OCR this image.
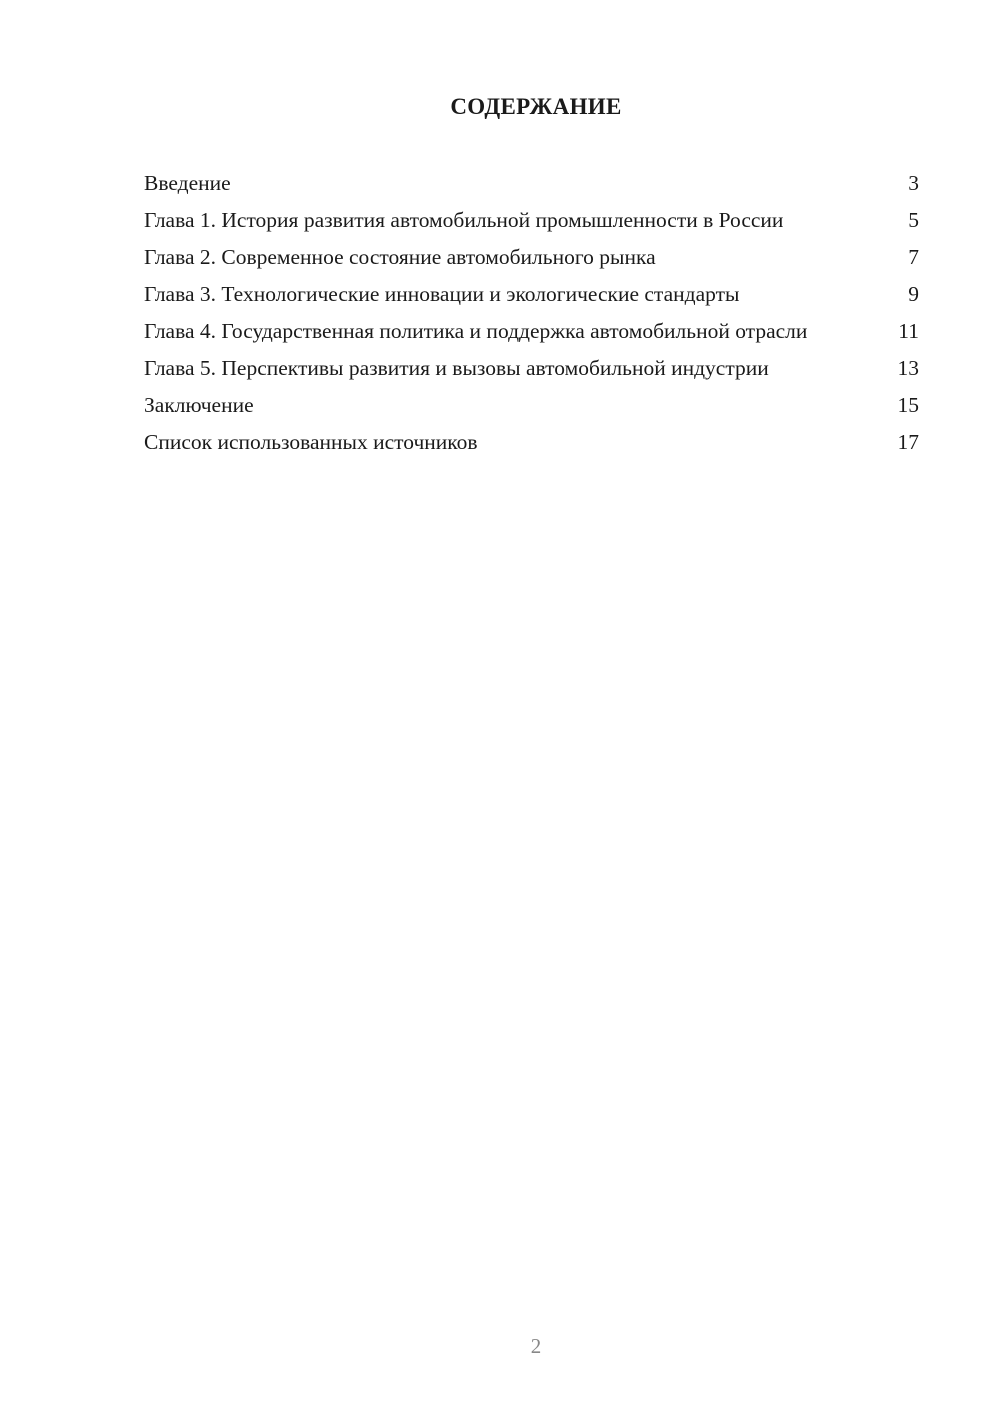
СОДЕРЖАНИЕ
Введение	3
Глава 1. История развития автомобильной промышленности в России	5
Глава 2. Современное состояние автомобильного рынка	7
Глава 3. Технологические инновации и экологические стандарты	9
Глава 4. Государственная политика и поддержка автомобильной отрасли	11
Глава 5. Перспективы развития и вызовы автомобильной индустрии	13
Заключение	15
Список использованных источников	17
2
